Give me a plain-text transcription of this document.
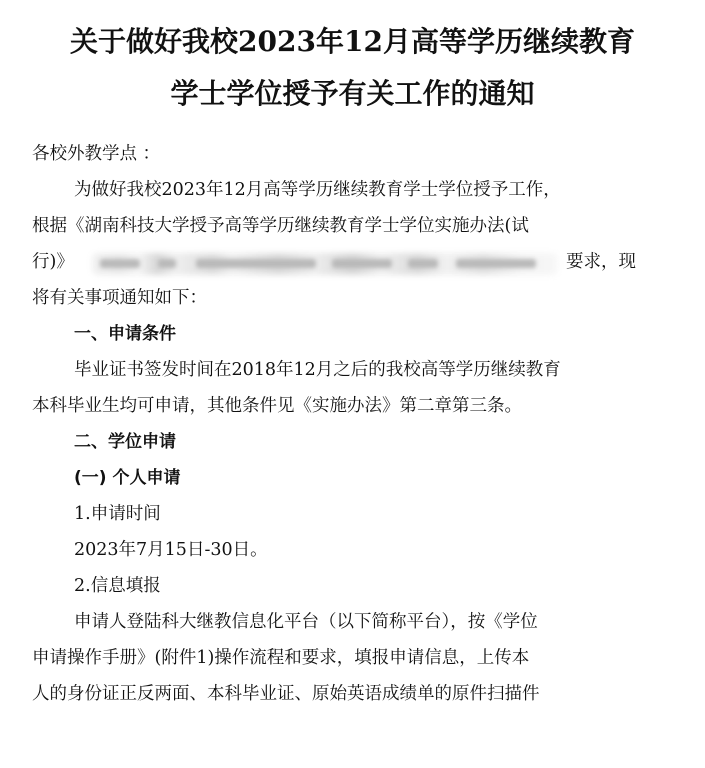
关于做好我校2023年12月高等学历继续教育
学士学位授予有关工作的通知
各校外教学点 ：
为做好我校2023年12月高等学历继续教育学士学位授予工作，
根据《湖南科技大学授予高等学历继续教育学士学位实施办法(试
行)》	要求，现
将有关事项通知如下：
一、申请条件
毕业证书签发时间在2018年12月之后的我校高等学历继续教育
本科毕业生均可申请，其他条件见《实施办法》第二章第三条。
二、学位申请
(一) 个人申请
1.申请时间
2023年7月15日-30日。
2.信息填报
申请人登陆科大继教信息化平台（以下简称平台），按《学位
申请操作手册》(附件1)操作流程和要求，填报申请信息，上传本
人的身份证正反两面、本科毕业证、原始英语成绩单的原件扫描件
